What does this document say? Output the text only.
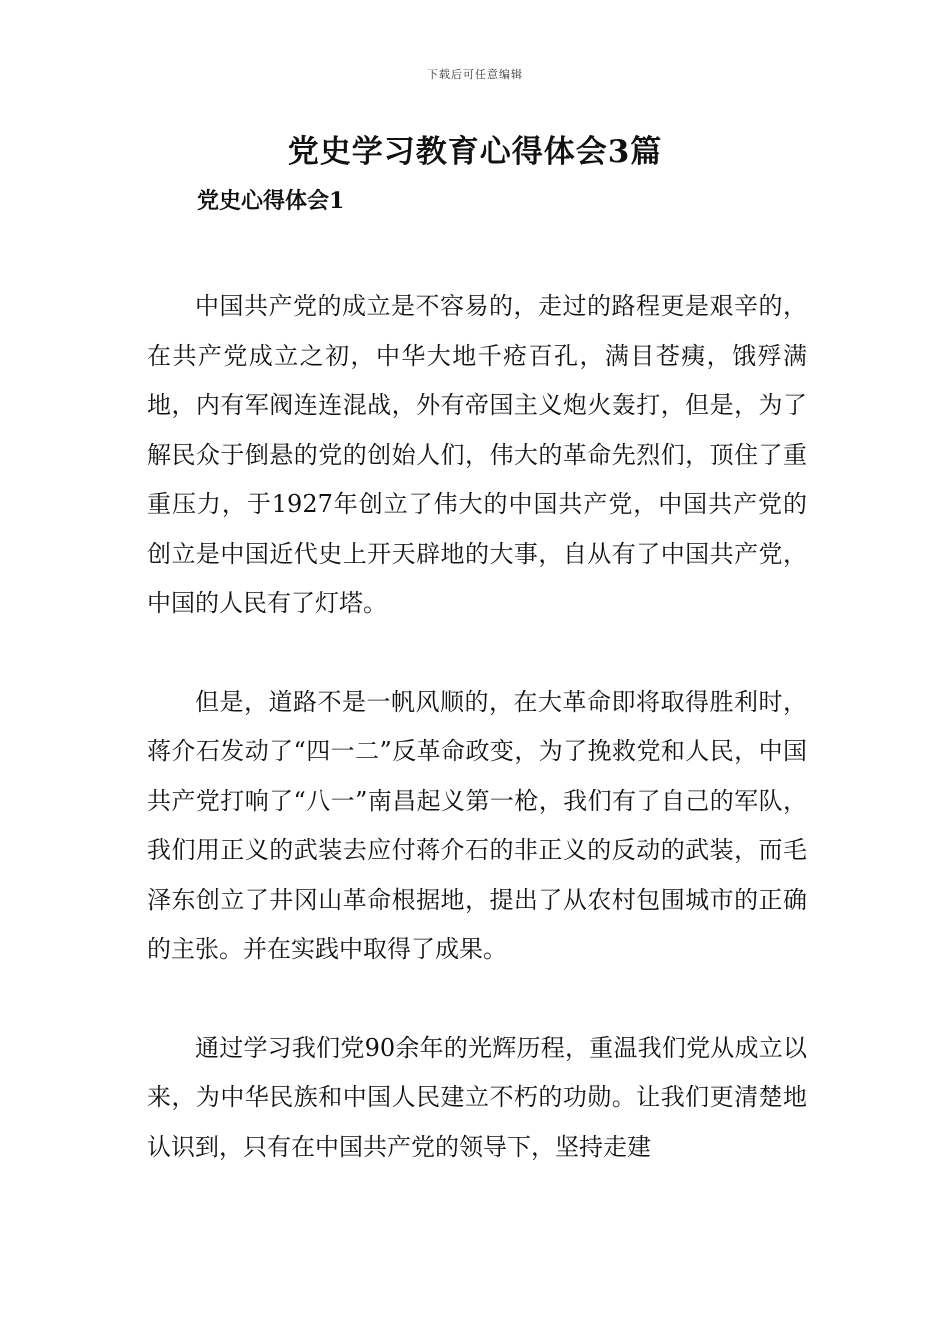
下载后可任意编辑
党史学习教育心得体会3篇
党史心得体会1

中国共产党的成立是不容易的，走过的路程更是艰辛的，在共产党成立之初，中华大地千疮百孔，满目苍痍，饿殍满地，内有军阀连连混战，外有帝国主义炮火轰打，但是，为了解民众于倒悬的党的创始人们，伟大的革命先烈们，顶住了重重压力，于1927年创立了伟大的中国共产党，中国共产党的创立是中国近代史上开天辟地的大事，自从有了中国共产党，中国的人民有了灯塔。

但是，道路不是一帆风顺的，在大革命即将取得胜利时，蒋介石发动了“四一二”反革命政变，为了挽救党和人民，中国共产党打响了“八一”南昌起义第一枪，我们有了自己的军队，我们用正义的武装去应付蒋介石的非正义的反动的武装，而毛泽东创立了井冈山革命根据地，提出了从农村包围城市的正确的主张。并在实践中取得了成果。

通过学习我们党90余年的光辉历程，重温我们党从成立以来，为中华民族和中国人民建立不朽的功勋。让我们更清楚地认识到，只有在中国共产党的领导下，坚持走建
